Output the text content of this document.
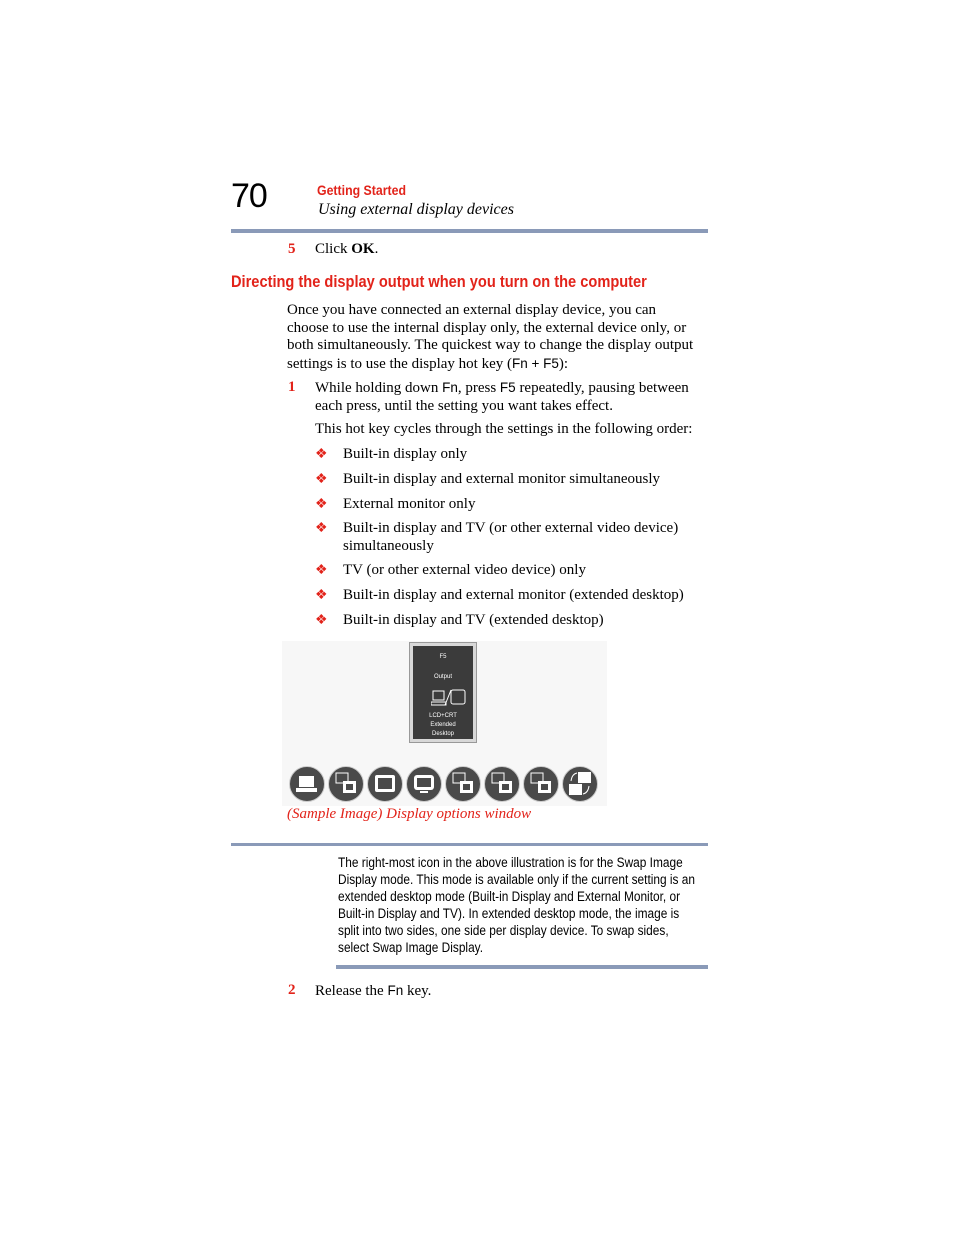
70	Getting Started
Using external display devices
5 Click OK.
Directing the display output when you turn on the computer
Once you have connected an external display device, you can
choose to use the internal display only, the external device only, or
both simultaneously. The quickest way to change the display output
settings is to use the display hot key (Fn + F5):
1 While holding down Fn, press F5 repeatedly, pausing between
each press, until the setting you want takes effect.
This hot key cycles through the settings in the following order:
❖ Built-in display only
❖ Built-in display and external monitor simultaneously
❖ External monitor only
❖ Built-in display and TV (or other external video device)
simultaneously
❖ TV (or other external video device) only
❖ Built-in display and external monitor (extended desktop)
❖ Built-in display and TV (extended desktop)
F5
Output
LCD+CRT
Extended
Desktop
(Sample Image) Display options window
The right-most icon in the above illustration is for the Swap Image
Display mode. This mode is available only if the current setting is an
extended desktop mode (Built-in Display and External Monitor, or
Built-in Display and TV). In extended desktop mode, the image is
split into two sides, one side per display device. To swap sides,
select Swap Image Display.
2 Release the Fn key.
